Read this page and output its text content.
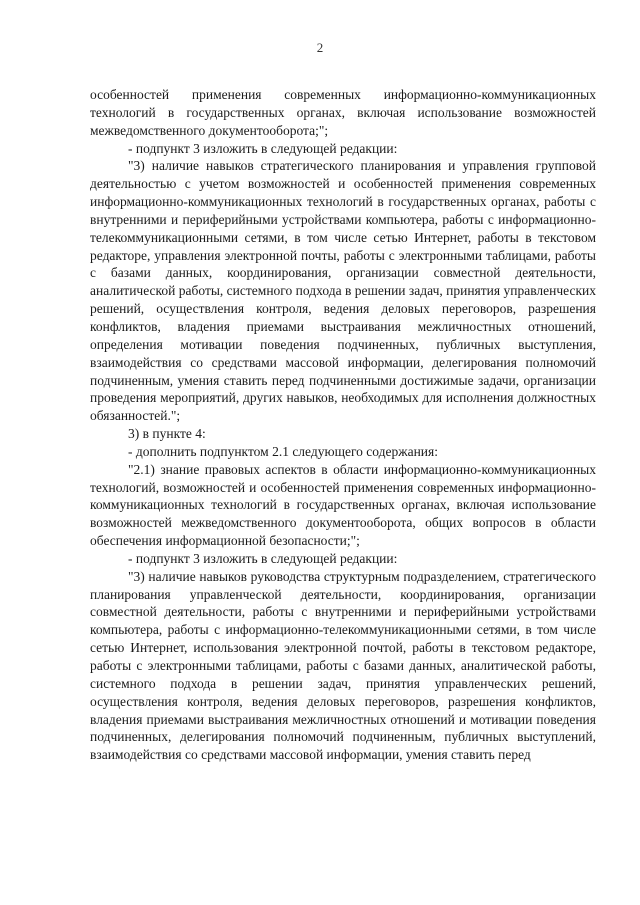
2

особенностей применения современных информационно-коммуникационных технологий в государственных органах, включая использование возможностей межведомственного документооборота;";

- подпункт 3 изложить в следующей редакции:

"3) наличие навыков стратегического планирования и управления групповой деятельностью с учетом возможностей и особенностей применения современных информационно-коммуникационных технологий в государственных органах, работы с внутренними и периферийными устройствами компьютера, работы с информационно-телекоммуникационными сетями, в том числе сетью Интернет, работы в текстовом редакторе, управления электронной почты, работы с электронными таблицами, работы с базами данных, координирования, организации совместной деятельности, аналитической работы, системного подхода в решении задач, принятия управленческих решений, осуществления контроля, ведения деловых переговоров, разрешения конфликтов, владения приемами выстраивания межличностных отношений, определения мотивации поведения подчиненных, публичных выступления, взаимодействия со средствами массовой информации, делегирования полномочий подчиненным, умения ставить перед подчиненными достижимые задачи, организации проведения мероприятий, других навыков, необходимых для исполнения должностных обязанностей.";

3) в пункте 4:

- дополнить подпунктом 2.1 следующего содержания:

"2.1) знание правовых аспектов в области информационно-коммуникационных технологий, возможностей и особенностей применения современных информационно-коммуникационных технологий в государственных органах, включая использование возможностей межведомственного документооборота, общих вопросов в области обеспечения информационной безопасности;";

- подпункт 3 изложить в следующей редакции:

"3) наличие навыков руководства структурным подразделением, стратегического планирования управленческой деятельности, координирования, организации совместной деятельности, работы с внутренними и периферийными устройствами компьютера, работы с информационно-телекоммуникационными сетями, в том числе сетью Интернет, использования электронной почтой, работы в текстовом редакторе, работы с электронными таблицами, работы с базами данных, аналитической работы, системного подхода в решении задач, принятия управленческих решений, осуществления контроля, ведения деловых переговоров, разрешения конфликтов, владения приемами выстраивания межличностных отношений и мотивации поведения подчиненных, делегирования полномочий подчиненным, публичных выступлений, взаимодействия со средствами массовой информации, умения ставить перед
